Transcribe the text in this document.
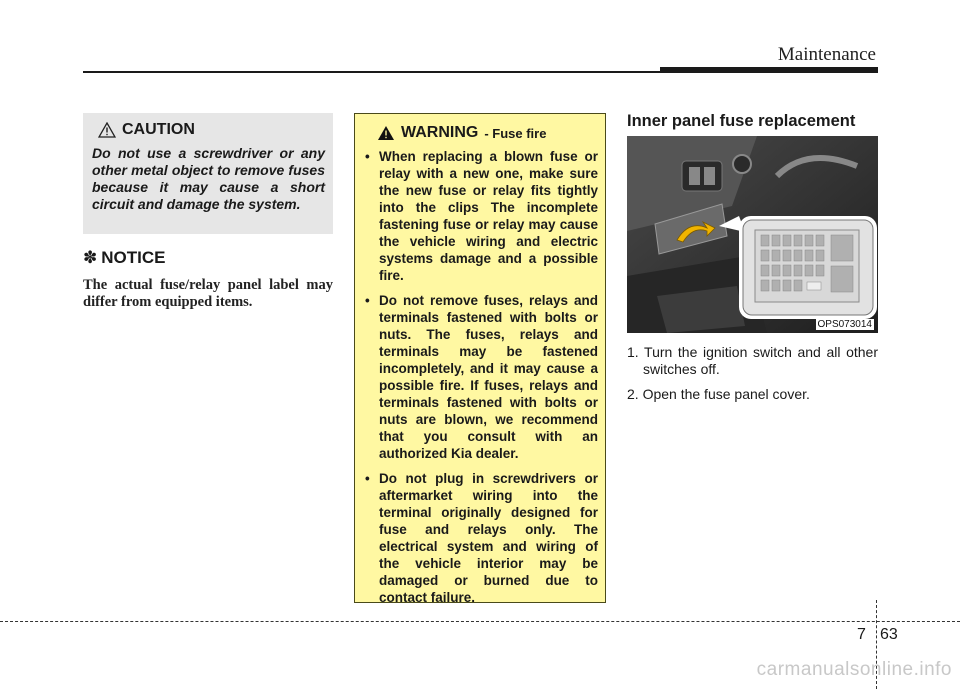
Maintenance
CAUTION

Do not use a screwdriver or any other metal object to remove fuses because it may cause a short circuit and damage the system.

✽ NOTICE

The actual fuse/relay panel label may differ from equipped items.

WARNING - Fuse fire
• When replacing a blown fuse or relay with a new one, make sure the new fuse or relay fits tightly into the clips The incomplete fastening fuse or relay may cause the vehicle wiring and electric systems damage and a possible fire.
• Do not remove fuses, relays and terminals fastened with bolts or nuts. The fuses, relays and terminals may be fastened incompletely, and it may cause a possible fire. If fuses, relays and terminals fastened with bolts or nuts are blown, we recommend that you consult with an authorized Kia dealer.
• Do not plug in screwdrivers or aftermarket wiring into the terminal originally designed for fuse and relays only. The electrical system and wiring of the vehicle interior may be damaged or burned due to contact failure.
Inner panel fuse replacement
OPS073014
1. Turn the ignition switch and all other switches off.
2. Open the fuse panel cover.
7 63
carmanualsonline.info
